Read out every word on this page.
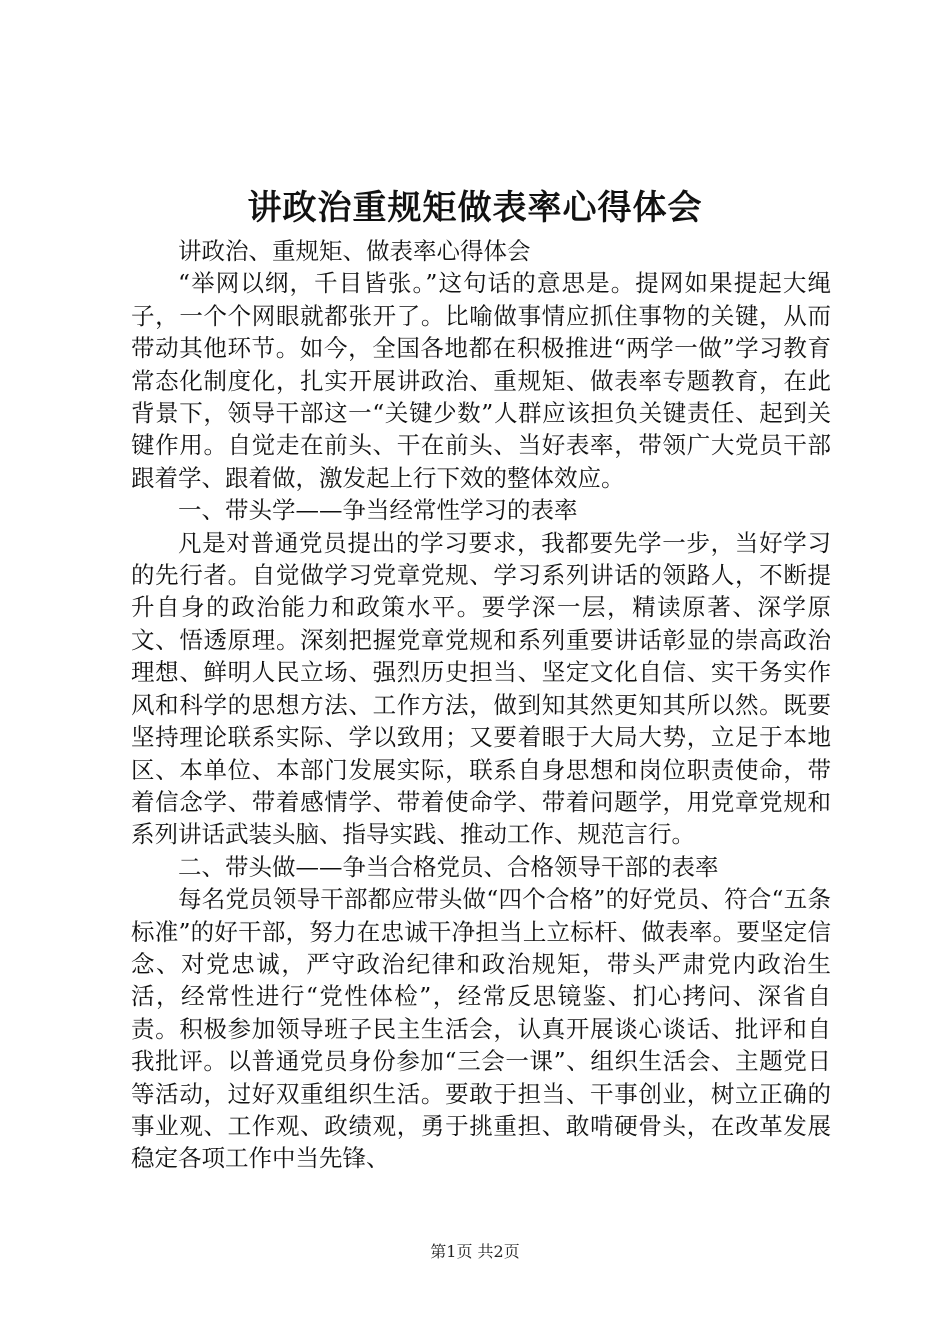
讲政治重规矩做表率心得体会

讲政治、重规矩、做表率心得体会

“举网以纲，千目皆张。”这句话的意思是。提网如果提起大绳子，一个个网眼就都张开了。比喻做事情应抓住事物的关键，从而带动其他环节。如今，全国各地都在积极推进“两学一做”学习教育常态化制度化，扎实开展讲政治、重规矩、做表率专题教育，在此背景下，领导干部这一“关键少数”人群应该担负关键责任、起到关键作用。自觉走在前头、干在前头、当好表率，带领广大党员干部跟着学、跟着做，激发起上行下效的整体效应。

一、带头学——争当经常性学习的表率

凡是对普通党员提出的学习要求，我都要先学一步，当好学习的先行者。自觉做学习党章党规、学习系列讲话的领路人，不断提升自身的政治能力和政策水平。要学深一层，精读原著、深学原文、悟透原理。深刻把握党章党规和系列重要讲话彰显的崇高政治理想、鲜明人民立场、强烈历史担当、坚定文化自信、实干务实作风和科学的思想方法、工作方法，做到知其然更知其所以然。既要坚持理论联系实际、学以致用；又要着眼于大局大势，立足于本地区、本单位、本部门发展实际，联系自身思想和岗位职责使命，带着信念学、带着感情学、带着使命学、带着问题学，用党章党规和系列讲话武装头脑、指导实践、推动工作、规范言行。

二、带头做——争当合格党员、合格领导干部的表率

每名党员领导干部都应带头做“四个合格”的好党员、符合“五条标准”的好干部，努力在忠诚干净担当上立标杆、做表率。要坚定信念、对党忠诚，严守政治纪律和政治规矩，带头严肃党内政治生活，经常性进行“党性体检”，经常反思镜鉴、扪心拷问、深省自责。积极参加领导班子民主生活会，认真开展谈心谈话、批评和自我批评。以普通党员身份参加“三会一课”、组织生活会、主题党日等活动，过好双重组织生活。要敢于担当、干事创业，树立正确的事业观、工作观、政绩观，勇于挑重担、敢啃硬骨头，在改革发展稳定各项工作中当先锋、

第1页 共2页
